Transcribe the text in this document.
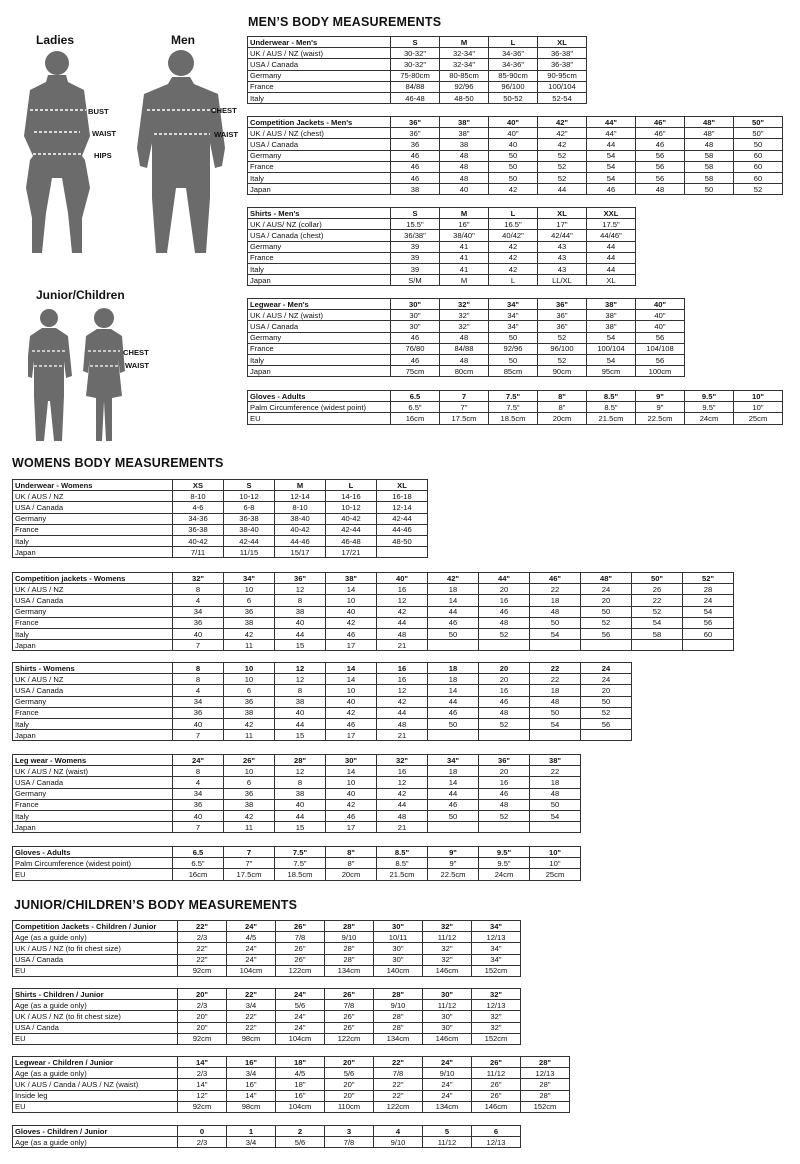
Ladies	Men
Junior/Children
BUST
WAIST
HIPS
CHEST
WAIST
CHEST
WAIST
MEN’S BODY MEASUREMENTS
WOMENS BODY MEASUREMENTS
JUNIOR/CHILDREN’S BODY MEASUREMENTS
Underwear - Men's	S	M	L	XL
UK / AUS / NZ (waist)	30-32"	32-34"	34-36"	36-38"
USA / Canada	30-32"	32-34"	34-36"	36-38"
Germany	75-80cm	80-85cm	85-90cm	90-95cm
France	84/88	92/96	96/100	100/104
Italy	46-48	48-50	50-52	52-54
Competition Jackets - Men's	36"	38"	40"	42"	44"	46"	48"	50"
UK / AUS / NZ (chest)	36"	38"	40"	42"	44"	46"	48"	50"
USA / Canada	36	38	40	42	44	46	48	50
Germany	46	48	50	52	54	56	58	60
France	46	48	50	52	54	56	58	60
Italy	46	48	50	52	54	56	58	60
Japan	38	40	42	44	46	48	50	52
Shirts - Men's	S	M	L	XL	XXL
UK / AUS/ NZ (collar)	15.5"	16"	16.5"	17"	17.5"
USA / Canada (chest)	36/38"	38/40"	40/42"	42/44"	44/46"
Germany	39	41	42	43	44
France	39	41	42	43	44
Italy	39	41	42	43	44
Japan	S/M	M	L	LL/XL	XL
Legwear - Men's	30"	32"	34"	36"	38"	40"
UK / AUS / NZ (waist)	30"	32"	34"	36"	38"	40"
USA / Canada	30"	32"	34"	36"	38"	40"
Germany	46	48	50	52	54	56
France	76/80	84/88	92/96	96/100	100/104	104/108
Italy	46	48	50	52	54	56
Japan	75cm	80cm	85cm	90cm	95cm	100cm
Gloves - Adults	6.5	7	7.5"	8"	8.5"	9"	9.5"	10"
Palm Circumference (widest point)	6.5"	7"	7.5"	8"	8.5"	9"	9.5"	10"
EU	16cm	17.5cm	18.5cm	20cm	21.5cm	22.5cm	24cm	25cm
Underwear - Womens	XS	S	M	L	XL
UK / AUS / NZ	8-10	10-12	12-14	14-16	16-18
USA / Canada	4-6	6-8	8-10	10-12	12-14
Germany	34-36	36-38	38-40	40-42	42-44
France	36-38	38-40	40-42	42-44	44-46
Italy	40-42	42-44	44-46	46-48	48-50
Japan	7/11	11/15	15/17	17/21	
Competition jackets - Womens	32"	34"	36"	38"	40"	42"	44"	46"	48"	50"	52"
UK / AUS / NZ	8	10	12	14	16	18	20	22	24	26	28
USA / Canada	4	6	8	10	12	14	16	18	20	22	24
Germany	34	36	38	40	42	44	46	48	50	52	54
France	36	38	40	42	44	46	48	50	52	54	56
Italy	40	42	44	46	48	50	52	54	56	58	60
Japan	7	11	15	17	21						
Shirts - Womens	8	10	12	14	16	18	20	22	24
UK / AUS / NZ	8	10	12	14	16	18	20	22	24
USA / Canada	4	6	8	10	12	14	16	18	20
Germany	34	36	38	40	42	44	46	48	50
France	36	38	40	42	44	46	48	50	52
Italy	40	42	44	46	48	50	52	54	56
Japan	7	11	15	17	21				
Leg wear - Womens	24"	26"	28"	30"	32"	34"	36"	38"
UK / AUS / NZ (waist)	8	10	12	14	16	18	20	22
USA / Canada	4	6	8	10	12	14	16	18
Germany	34	36	38	40	42	44	46	48
France	36	38	40	42	44	46	48	50
Italy	40	42	44	46	48	50	52	54
Japan	7	11	15	17	21			
Gloves - Adults	6.5	7	7.5"	8"	8.5"	9"	9.5"	10"
Palm Circumference (widest point)	6.5"	7"	7.5"	8"	8.5"	9"	9.5"	10"
EU	16cm	17.5cm	18.5cm	20cm	21.5cm	22.5cm	24cm	25cm
Competition Jackets - Children / Junior	22"	24"	26"	28"	30"	32"	34"
Age (as a guide only)	2/3	4/5	7/8	9/10	10/11	11/12	12/13
UK / AUS / NZ (to fit chest size)	22"	24"	26"	28"	30"	32"	34"
USA / Canada	22"	24"	26"	28"	30"	32"	34"
EU	92cm	104cm	122cm	134cm	140cm	146cm	152cm
Shirts - Children / Junior	20"	22"	24"	26"	28"	30"	32"
Age (as a guide only)	2/3	3/4	5/6	7/8	9/10	11/12	12/13
UK / AUS / NZ (to fit chest size)	20"	22"	24"	26"	28"	30"	32"
USA / Canda	20"	22"	24"	26"	28"	30"	32"
EU	92cm	98cm	104cm	122cm	134cm	146cm	152cm
Legwear - Children / Junior	14"	16"	18"	20"	22"	24"	26"	28"
Age (as a guide only)	2/3	3/4	4/5	5/6	7/8	9/10	11/12	12/13
UK / AUS / Canda / AUS / NZ (waist)	14"	16"	18"	20"	22"	24"	26"	28"
Inside leg	12"	14"	16"	20"	22"	24"	26"	28"
EU	92cm	98cm	104cm	110cm	122cm	134cm	146cm	152cm
Gloves - Children / Junior	0	1	2	3	4	5	6
Age (as a guide only)	2/3	3/4	5/6	7/8	9/10	11/12	12/13
